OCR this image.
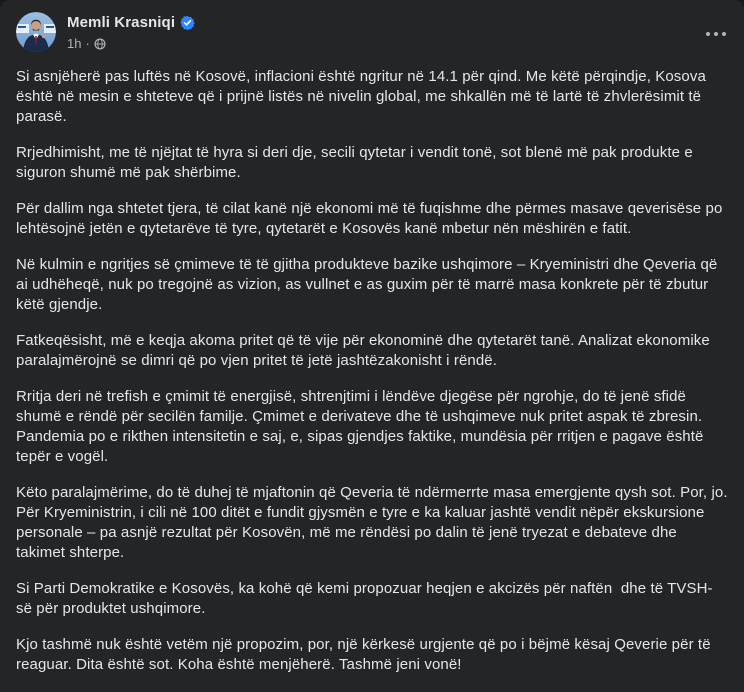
Memli Krasniqi
1h ·

Si asnjëherë pas luftës në Kosovë, inflacioni është ngritur në 14.1 për qind. Me këtë përqindje, Kosova është në mesin e shteteve që i prijnë listës në nivelin global, me shkallën më të lartë të zhvlerësimit të parasë.

Rrjedhimisht, me të njëjtat të hyra si deri dje, secili qytetar i vendit tonë, sot blenë më pak produkte e siguron shumë më pak shërbime.

Për dallim nga shtetet tjera, të cilat kanë një ekonomi më të fuqishme dhe përmes masave qeverisëse po lehtësojnë jetën e qytetarëve të tyre, qytetarët e Kosovës kanë mbetur nën mëshirën e fatit.

Në kulmin e ngritjes së çmimeve të të gjitha produkteve bazike ushqimore – Kryeministri dhe Qeveria që ai udhëheqë, nuk po tregojnë as vizion, as vullnet e as guxim për të marrë masa konkrete për të zbutur këtë gjendje.

Fatkeqësisht, më e keqja akoma pritet që të vije për ekonominë dhe qytetarët tanë. Analizat ekonomike paralajmërojnë se dimri që po vjen pritet të jetë jashtëzakonisht i rëndë.

Rritja deri në trefish e çmimit të energjisë, shtrenjtimi i lëndëve djegëse për ngrohje, do të jenë sfidë shumë e rëndë për secilën familje. Çmimet e derivateve dhe të ushqimeve nuk pritet aspak të zbresin.  Pandemia po e rikthen intensitetin e saj, e, sipas gjendjes faktike, mundësia për rritjen e pagave është tepër e vogël.

Këto paralajmërime, do të duhej të mjaftonin që Qeveria të ndërmerrte masa emergjente qysh sot. Por, jo. Për Kryeministrin, i cili në 100 ditët e fundit gjysmën e tyre e ka kaluar jashtë vendit nëpër ekskursione personale – pa asnjë rezultat për Kosovën, më me rëndësi po dalin të jenë tryezat e debateve dhe takimet shterpe.

Si Parti Demokratike e Kosovës, ka kohë që kemi propozuar heqjen e akcizës për naftën  dhe të TVSH-së për produktet ushqimore.

Kjo tashmë nuk është vetëm një propozim, por, një kërkesë urgjente që po i bëjmë kësaj Qeverie për të reaguar. Dita është sot. Koha është menjëherë. Tashmë jeni vonë!
